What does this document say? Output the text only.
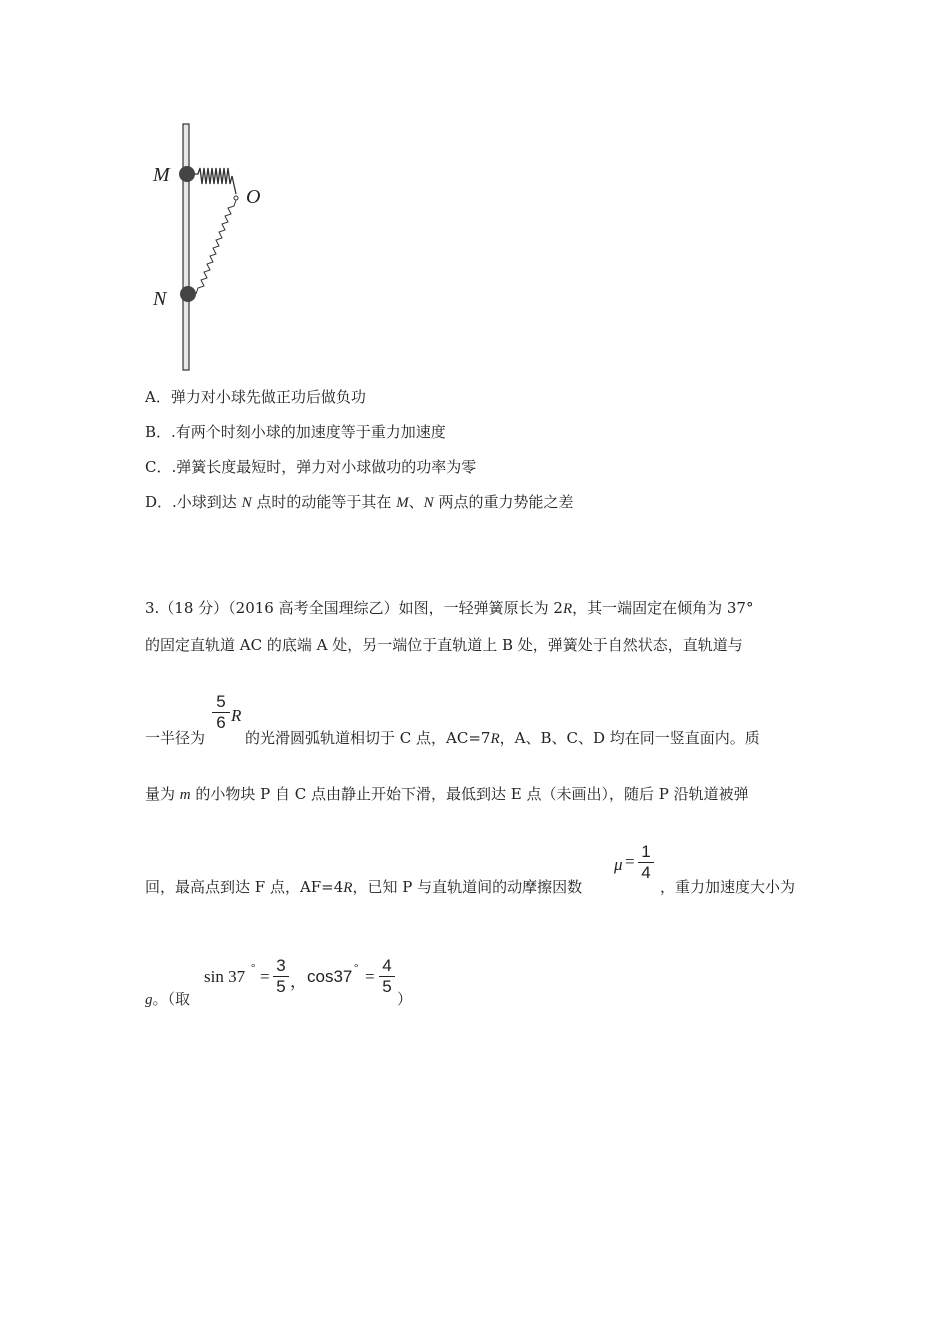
M
O
N
A．弹力对小球先做正功后做负功
B．.有两个时刻小球的加速度等于重力加速度
C．.弹簧长度最短时，弹力对小球做功的功率为零
D．.小球到达 N 点时的动能等于其在 M、N 两点的重力势能之差
3.（18 分）（2016 高考全国理综乙）如图，一轻弹簧原长为 2R，其一端固定在倾角为 37°
的固定直轨道 AC 的底端 A 处，另一端位于直轨道上 B 处，弹簧处于自然状态，直轨道与
一半径为
$\frac{5}{6}$ R
的光滑圆弧轨道相切于 C 点，AC=7R，A、B、C、D 均在同一竖直面内。质
量为 m 的小物块 P 自 C 点由静止开始下滑，最低到达 E 点（未画出），随后 P 沿轨道被弹
回，最高点到达 F 点，AF=4R，已知 P 与直轨道间的动摩擦因数
$\mu = \frac{1}{4}$
，重力加速度大小为
g。（取
sin 37 ° = $\frac{3}{5}$ ， cos37 ° = $\frac{4}{5}$
）
